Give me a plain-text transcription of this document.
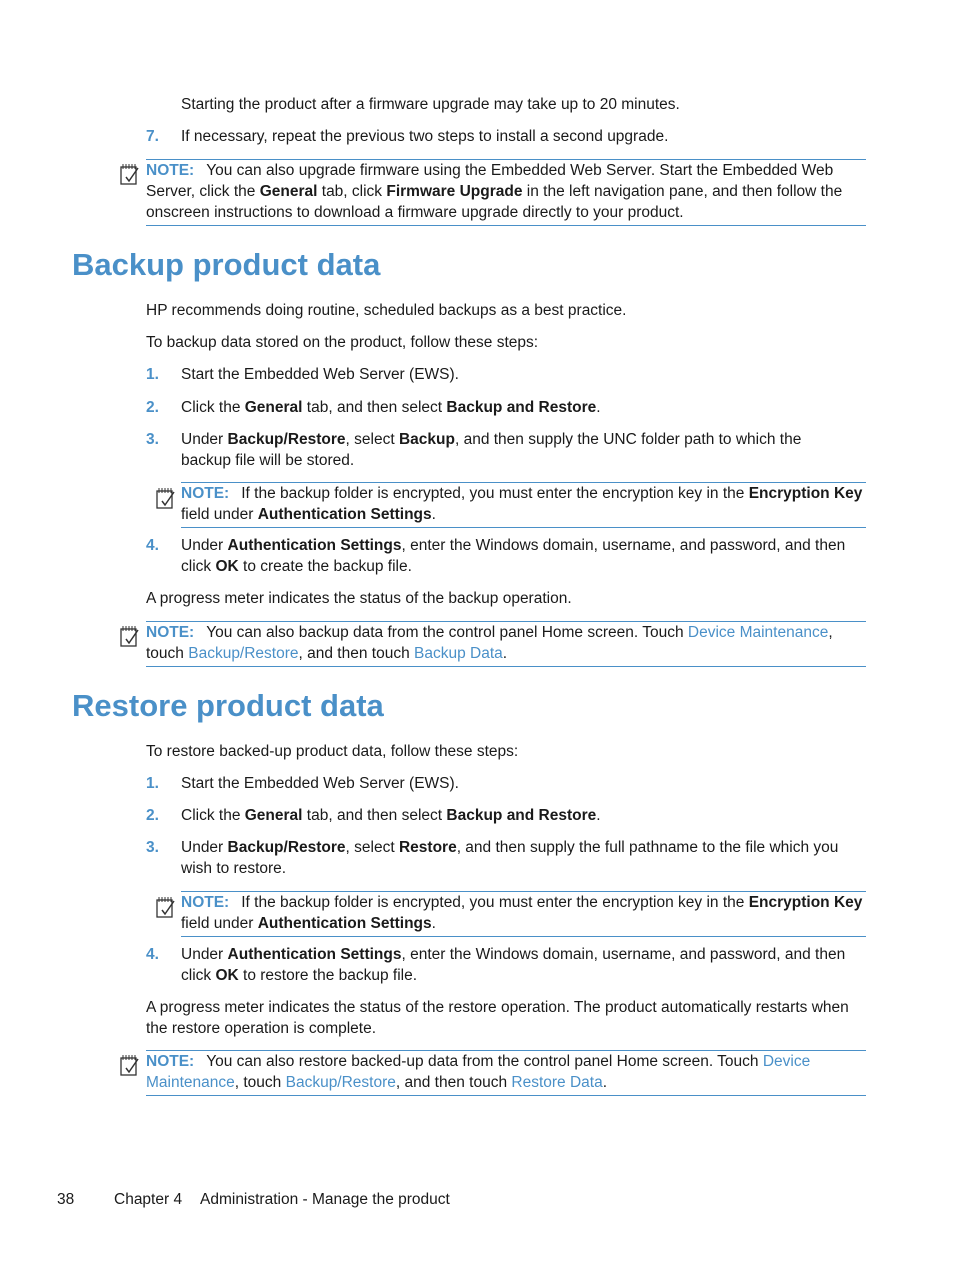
Starting the product after a firmware upgrade may take up to 20 minutes.
7. If necessary, repeat the previous two steps to install a second upgrade.
NOTE: You can also upgrade firmware using the Embedded Web Server. Start the Embedded Web Server, click the General tab, click Firmware Upgrade in the left navigation pane, and then follow the onscreen instructions to download a firmware upgrade directly to your product.
Backup product data
HP recommends doing routine, scheduled backups as a best practice.
To backup data stored on the product, follow these steps:
1. Start the Embedded Web Server (EWS).
2. Click the General tab, and then select Backup and Restore.
3. Under Backup/Restore, select Backup, and then supply the UNC folder path to which the backup file will be stored.
NOTE: If the backup folder is encrypted, you must enter the encryption key in the Encryption Key field under Authentication Settings.
4. Under Authentication Settings, enter the Windows domain, username, and password, and then click OK to create the backup file.
A progress meter indicates the status of the backup operation.
NOTE: You can also backup data from the control panel Home screen. Touch Device Maintenance, touch Backup/Restore, and then touch Backup Data.
Restore product data
To restore backed-up product data, follow these steps:
1. Start the Embedded Web Server (EWS).
2. Click the General tab, and then select Backup and Restore.
3. Under Backup/Restore, select Restore, and then supply the full pathname to the file which you wish to restore.
NOTE: If the backup folder is encrypted, you must enter the encryption key in the Encryption Key field under Authentication Settings.
4. Under Authentication Settings, enter the Windows domain, username, and password, and then click OK to restore the backup file.
A progress meter indicates the status of the restore operation. The product automatically restarts when the restore operation is complete.
NOTE: You can also restore backed-up data from the control panel Home screen. Touch Device Maintenance, touch Backup/Restore, and then touch Restore Data.
38	Chapter 4 Administration - Manage the product
